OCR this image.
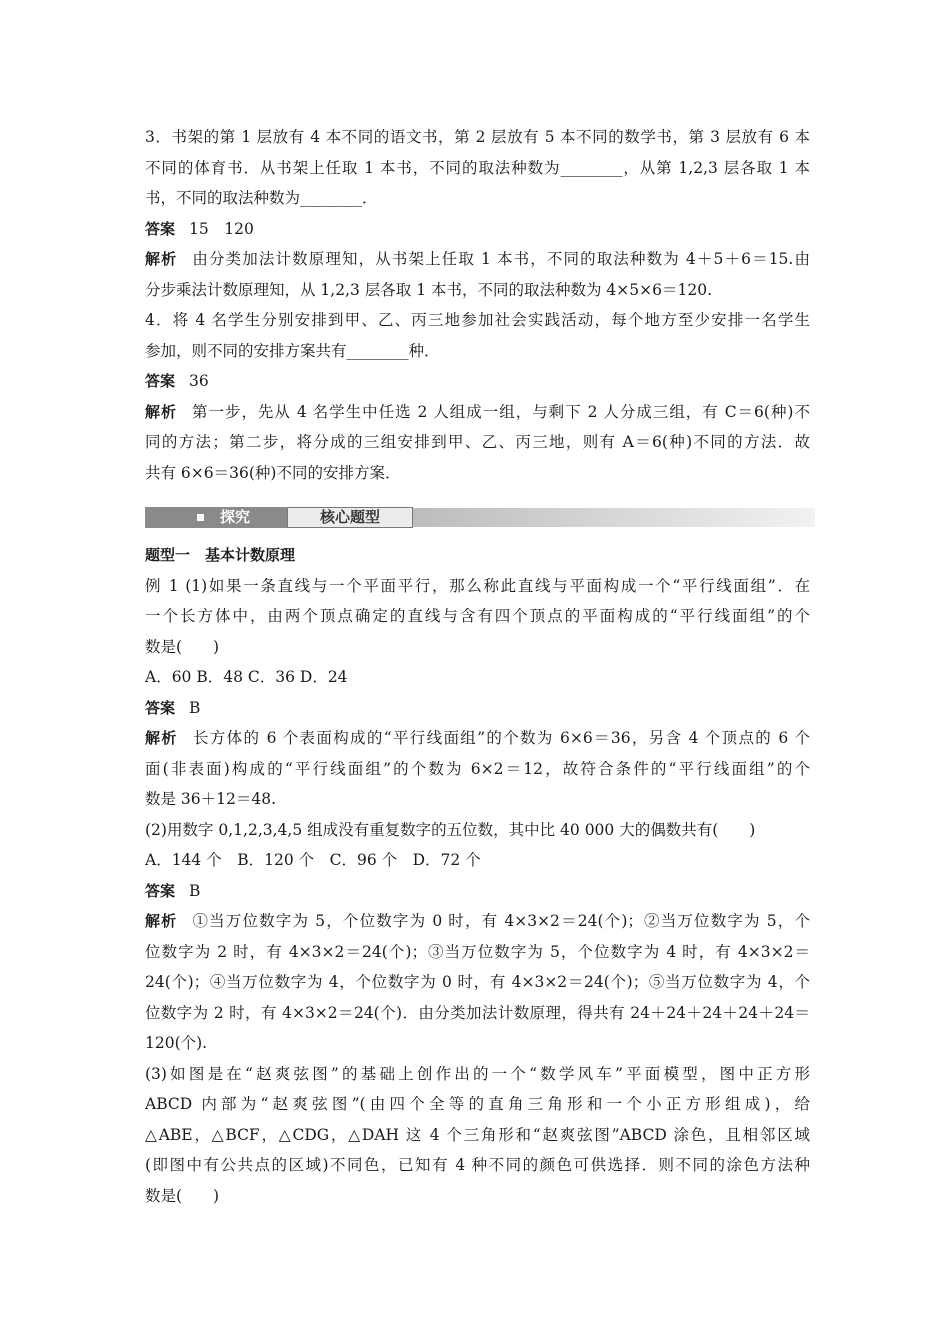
3．书架的第 1 层放有 4 本不同的语文书，第 2 层放有 5 本不同的数学书，第 3 层放有 6 本
不同的体育书．从书架上任取 1 本书，不同的取法种数为________，从第 1,2,3 层各取 1 本
书，不同的取法种数为________．
答案 15　120
解析 由分类加法计数原理知，从书架上任取 1 本书，不同的取法种数为 4＋5＋6＝15.由
分步乘法计数原理知，从 1,2,3 层各取 1 本书，不同的取法种数为 4×5×6＝120.
4．将 4 名学生分别安排到甲、乙、丙三地参加社会实践活动，每个地方至少安排一名学生
参加，则不同的安排方案共有________种．
答案 36
解析 第一步，先从 4 名学生中任选 2 人组成一组，与剩下 2 人分成三组，有 C＝6(种)不
同的方法；第二步，将分成的三组安排到甲、乙、丙三地，则有 A＝6(种)不同的方法．故
共有 6×6＝36(种)不同的安排方案．
探究	核心题型
题型一　基本计数原理
例 1 (1)如果一条直线与一个平面平行，那么称此直线与平面构成一个“平行线面组”．在
一个长方体中，由两个顶点确定的直线与含有四个顶点的平面构成的“平行线面组”的个
数是(　　)
A．60 B．48 C．36 D．24
答案 B
解析 长方体的 6 个表面构成的“平行线面组”的个数为 6×6＝36，另含 4 个顶点的 6 个
面(非表面)构成的“平行线面组”的个数为 6×2＝12，故符合条件的“平行线面组”的个
数是 36＋12＝48.
(2)用数字 0,1,2,3,4,5 组成没有重复数字的五位数，其中比 40 000 大的偶数共有(　　)
A．144 个　B．120 个　C．96 个　D．72 个
答案 B
解析 ①当万位数字为 5，个位数字为 0 时，有 4×3×2＝24(个)；②当万位数字为 5，个
位数字为 2 时，有 4×3×2＝24(个)；③当万位数字为 5，个位数字为 4 时，有 4×3×2＝
24(个)；④当万位数字为 4，个位数字为 0 时，有 4×3×2＝24(个)；⑤当万位数字为 4，个
位数字为 2 时，有 4×3×2＝24(个)．由分类加法计数原理，得共有 24＋24＋24＋24＋24＝
120(个).
(3)如图是在“赵爽弦图”的基础上创作出的一个“数学风车”平面模型，图中正方形
ABCD 内部为“赵爽弦图”(由四个全等的直角三角形和一个小正方形组成)，给
△ABE，△BCF，△CDG，△DAH 这 4 个三角形和“赵爽弦图”ABCD 涂色，且相邻区域
(即图中有公共点的区域)不同色，已知有 4 种不同的颜色可供选择．则不同的涂色方法种
数是(　　)
